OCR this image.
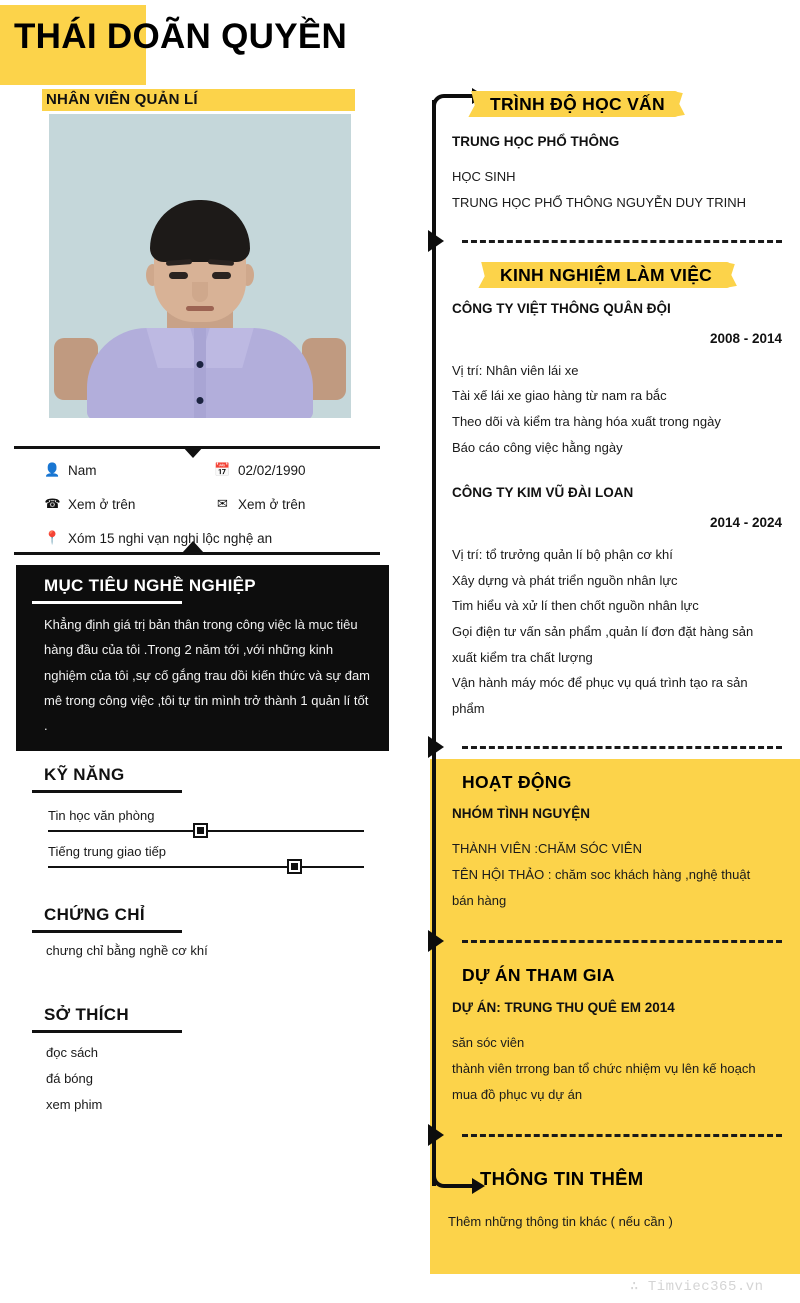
THÁI DOÃN QUYỀN
NHÂN VIÊN QUẢN LÍ
👤 Nam	📅 02/02/1990
☎ Xem ở trên	✉ Xem ở trên
📍 Xóm 15 nghi vạn nghi lộc nghệ an
MỤC TIÊU NGHỀ NGHIỆP
Khẳng định giá trị bản thân trong công việc là mục tiêu hàng đầu của tôi .Trong 2 năm tới ,với những kinh nghiệm của tôi ,sự cố gắng trau dồi kiến thức và sự đam mê trong công việc ,tôi tự tin mình trở thành 1 quản lí tốt .
KỸ NĂNG
Tin học văn phòng
Tiếng trung giao tiếp
CHỨNG CHỈ
chưng chỉ bằng nghề cơ khí
SỞ THÍCH
đọc sách
đá bóng
xem phim
TRÌNH ĐỘ HỌC VẤN
TRUNG HỌC PHỔ THÔNG
HỌC SINH
TRUNG HỌC PHỔ THÔNG NGUYỄN DUY TRINH
KINH NGHIỆM LÀM VIỆC
CÔNG TY VIỆT THÔNG QUÂN ĐỘI
2008 - 2014
Vị trí: Nhân viên lái xe
Tài xế lái xe giao hàng từ nam ra bắc
Theo dõi và kiểm tra hàng hóa xuất trong ngày
Báo cáo công việc hằng ngày
CÔNG TY KIM VŨ ĐÀI LOAN
2014 - 2024
Vị trí: tổ trưởng quản lí bộ phận cơ khí
Xây dựng và phát triển nguồn nhân lực
Tim hiểu và xử lí then chốt nguồn nhân lực
Gọi điện tư vấn sản phẩm ,quản lí đơn đặt hàng sản
xuất kiểm tra chất lượng
Vận hành máy móc để phục vụ quá trình tạo ra sản
phẩm
HOẠT ĐỘNG
NHÓM TÌNH NGUYỆN
THÀNH VIÊN :CHĂM SÓC VIÊN
TÊN HỘI THẢO : chăm soc khách hàng ,nghệ thuật
bán hàng
DỰ ÁN THAM GIA
DỰ ÁN: TRUNG THU QUÊ EM 2014
săn sóc viên
thành viên trrong ban tổ chức nhiệm vụ lên kế hoạch
mua đồ phục vụ dự án
THÔNG TIN THÊM
Thêm những thông tin khác ( nếu cần )
∴ Timviec365.vn
